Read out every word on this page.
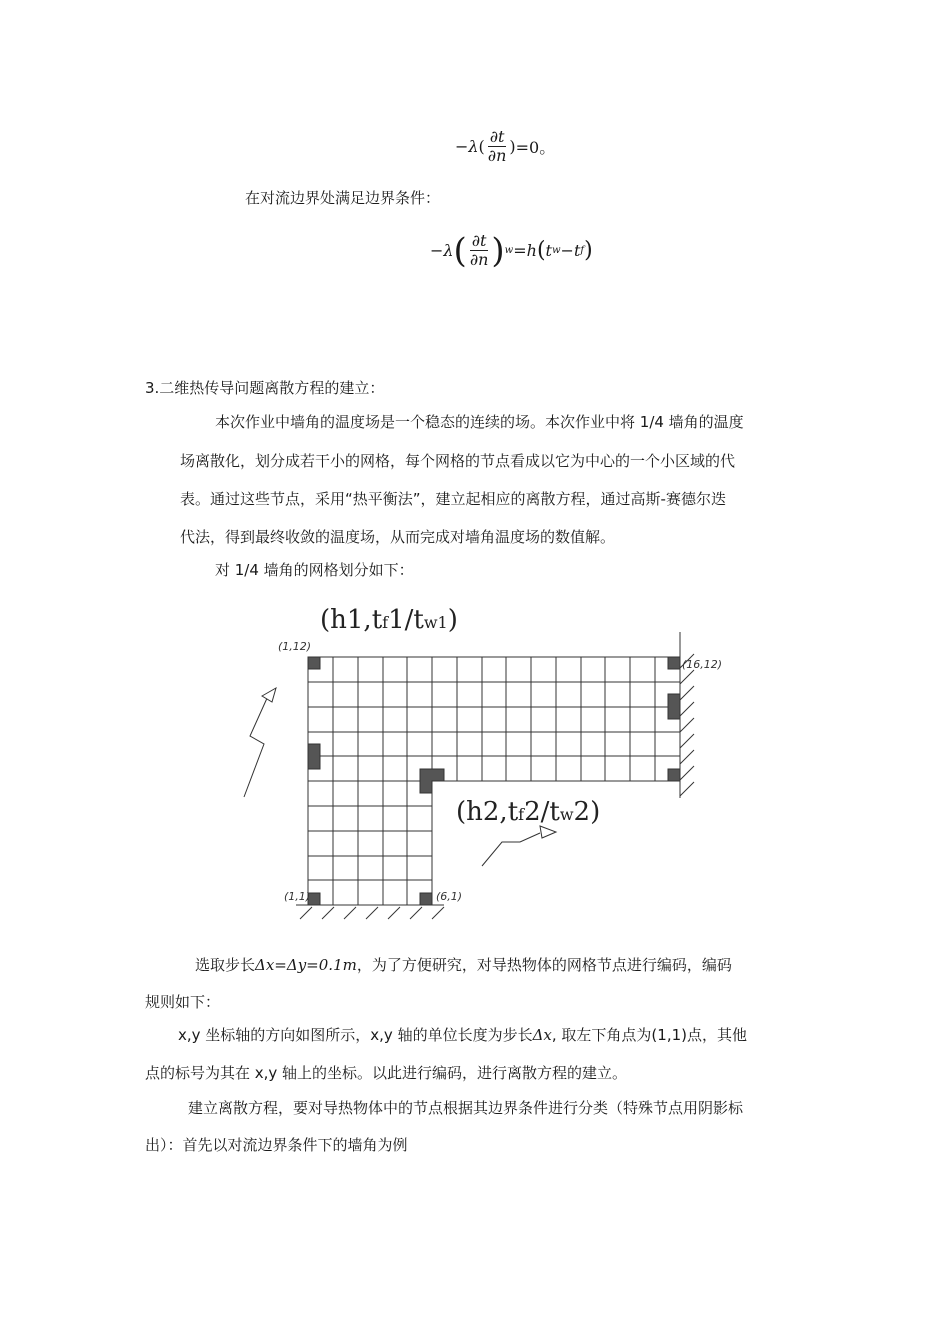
− λ ( $\frac{\partial t}{\partial n}$ ) =0。
在对流边界处满足边界条件：
− λ ( $\frac{\partial t}{\partial n}$ ) w =h ( t w −t f )
3.二维热传导问题离散方程的建立：
本次作业中墙角的温度场是一个稳态的连续的场。本次作业中将 1/4 墙角的温度
场离散化，划分成若干小的网格，每个网格的节点看成以它为中心的一个小区域的代
表。通过这些节点，采用“热平衡法”，建立起相应的离散方程，通过高斯-赛德尔迭
代法，得到最终收敛的温度场，从而完成对墙角温度场的数值解。
对 1/4 墙角的网格划分如下：
(h1,tf1/tw1)
(h2,tf2/tw2)
(1,12)
(16,12)
(1,1)	(6,1)
选取步长Δx=Δy=0.1m，为了方便研究，对导热物体的网格节点进行编码，编码
规则如下：
x,y 坐标轴的方向如图所示，x,y 轴的单位长度为步长Δx, 取左下角点为(1,1)点，其他
点的标号为其在 x,y 轴上的坐标。以此进行编码，进行离散方程的建立。
建立离散方程，要对导热物体中的节点根据其边界条件进行分类（特殊节点用阴影标
出）：首先以对流边界条件下的墙角为例
